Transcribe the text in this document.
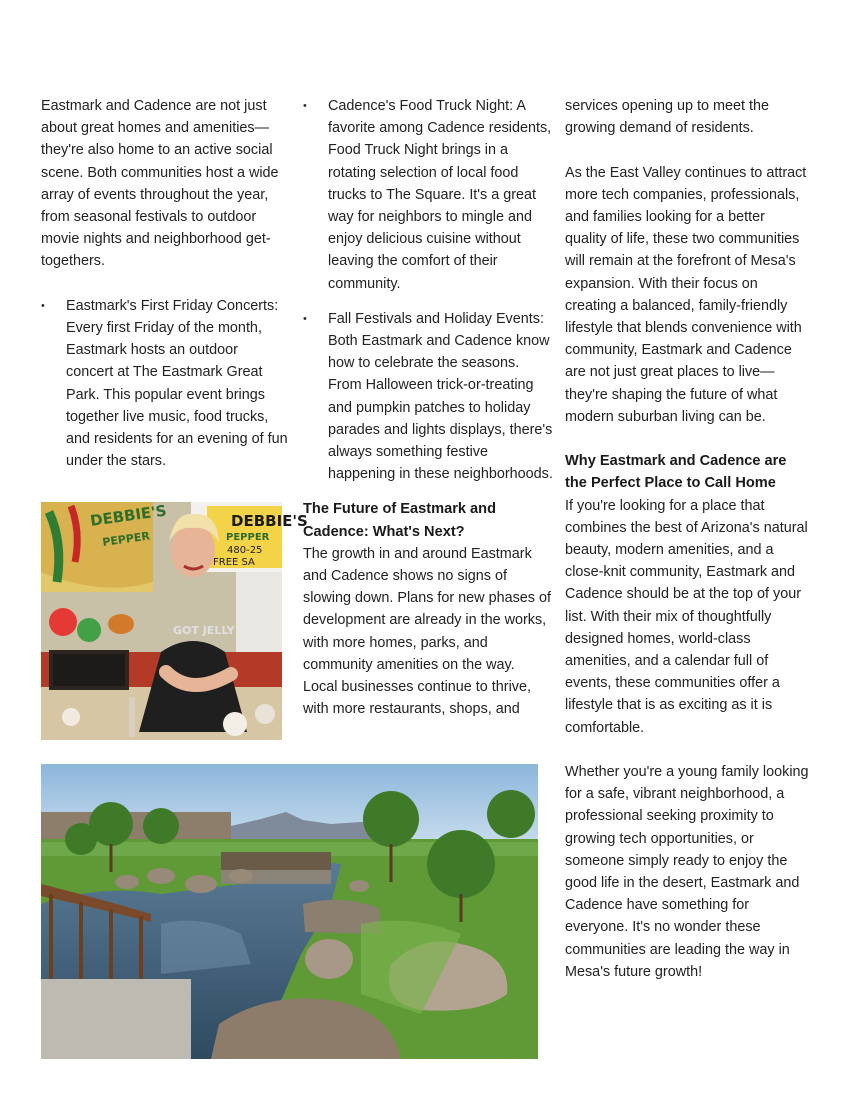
Eastmark and Cadence are not just about great homes and amenities— they're also home to an active social scene. Both communities host a wide array of events throughout the year, from seasonal festivals to outdoor movie nights and neighborhood get-togethers.

• Eastmark's First Friday Concerts: Every first Friday of the month, Eastmark hosts an outdoor concert at The Eastmark Great Park. This popular event brings together live music, food trucks, and residents for an evening of fun under the stars.
DEBBIE'S
PEPPER
DEBBIE'S
PEPPER
480-25
FREE SA
GOT JELLY
• Cadence's Food Truck Night: A favorite among Cadence residents, Food Truck Night brings in a rotating selection of local food trucks to The Square. It's a great way for neighbors to mingle and enjoy delicious cuisine without leaving the comfort of their community.
• Fall Festivals and Holiday Events: Both Eastmark and Cadence know how to celebrate the seasons. From Halloween trick-or-treating and pumpkin patches to holiday parades and lights displays, there's always something festive happening in these neighborhoods.
The Future of Eastmark and Cadence: What's Next?

The growth in and around Eastmark and Cadence shows no signs of slowing down. Plans for new phases of development are already in the works, with more homes, parks, and community amenities on the way. Local businesses continue to thrive, with more restaurants, shops, and

services opening up to meet the growing demand of residents.

As the East Valley continues to attract more tech companies, professionals, and families looking for a better quality of life, these two communities will remain at the forefront of Mesa's expansion. With their focus on creating a balanced, family-friendly lifestyle that blends convenience with community, Eastmark and Cadence are not just great places to live—they're shaping the future of what modern suburban living can be.

Why Eastmark and Cadence are the Perfect Place to Call Home

If you're looking for a place that combines the best of Arizona's natural beauty, modern amenities, and a close-knit community, Eastmark and Cadence should be at the top of your list. With their mix of thoughtfully designed homes, world-class amenities, and a calendar full of events, these communities offer a lifestyle that is as exciting as it is comfortable.

Whether you're a young family looking for a safe, vibrant neighborhood, a professional seeking proximity to growing tech opportunities, or someone simply ready to enjoy the good life in the desert, Eastmark and Cadence have something for everyone. It's no wonder these communities are leading the way in Mesa's future growth!
